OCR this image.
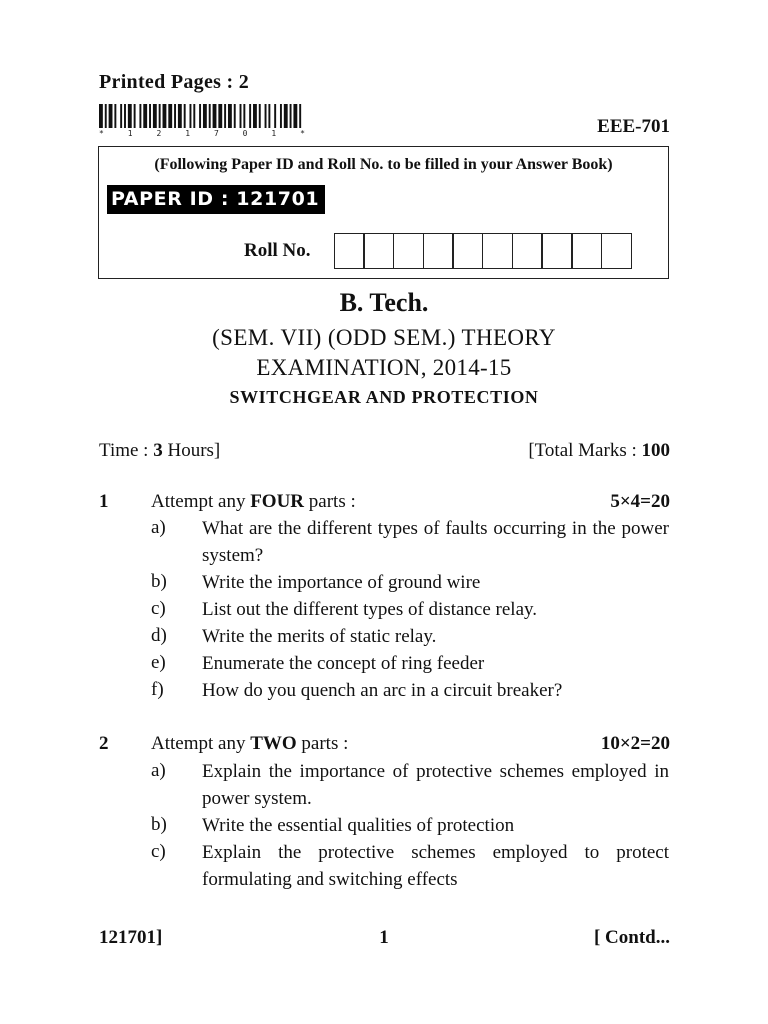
Printed Pages : 2
*	1	2	1	7	0	1	*	EEE-701
(Following Paper ID and Roll No. to be filled in your Answer Book)
PAPER ID : 121701
Roll No.
B. Tech.
(SEM. VII) (ODD SEM.) THEORY
EXAMINATION, 2014-15
SWITCHGEAR AND PROTECTION
Time : 3 Hours]	[Total Marks : 100
1 Attempt any FOUR parts :	5×4=20
a) What are the different types of faults occurring in the power system?
b) Write the importance of ground wire
c) List out the different types of distance relay.
d) Write the merits of static relay.
e) Enumerate the concept of ring feeder
f) How do you quench an arc in a circuit breaker?
2 Attempt any TWO parts :	10×2=20
a) Explain the importance of protective schemes employed in power system.
b) Write the essential qualities of protection
c) Explain the protective schemes employed to protect formulating and switching effects
121701]	1	[ Contd...
